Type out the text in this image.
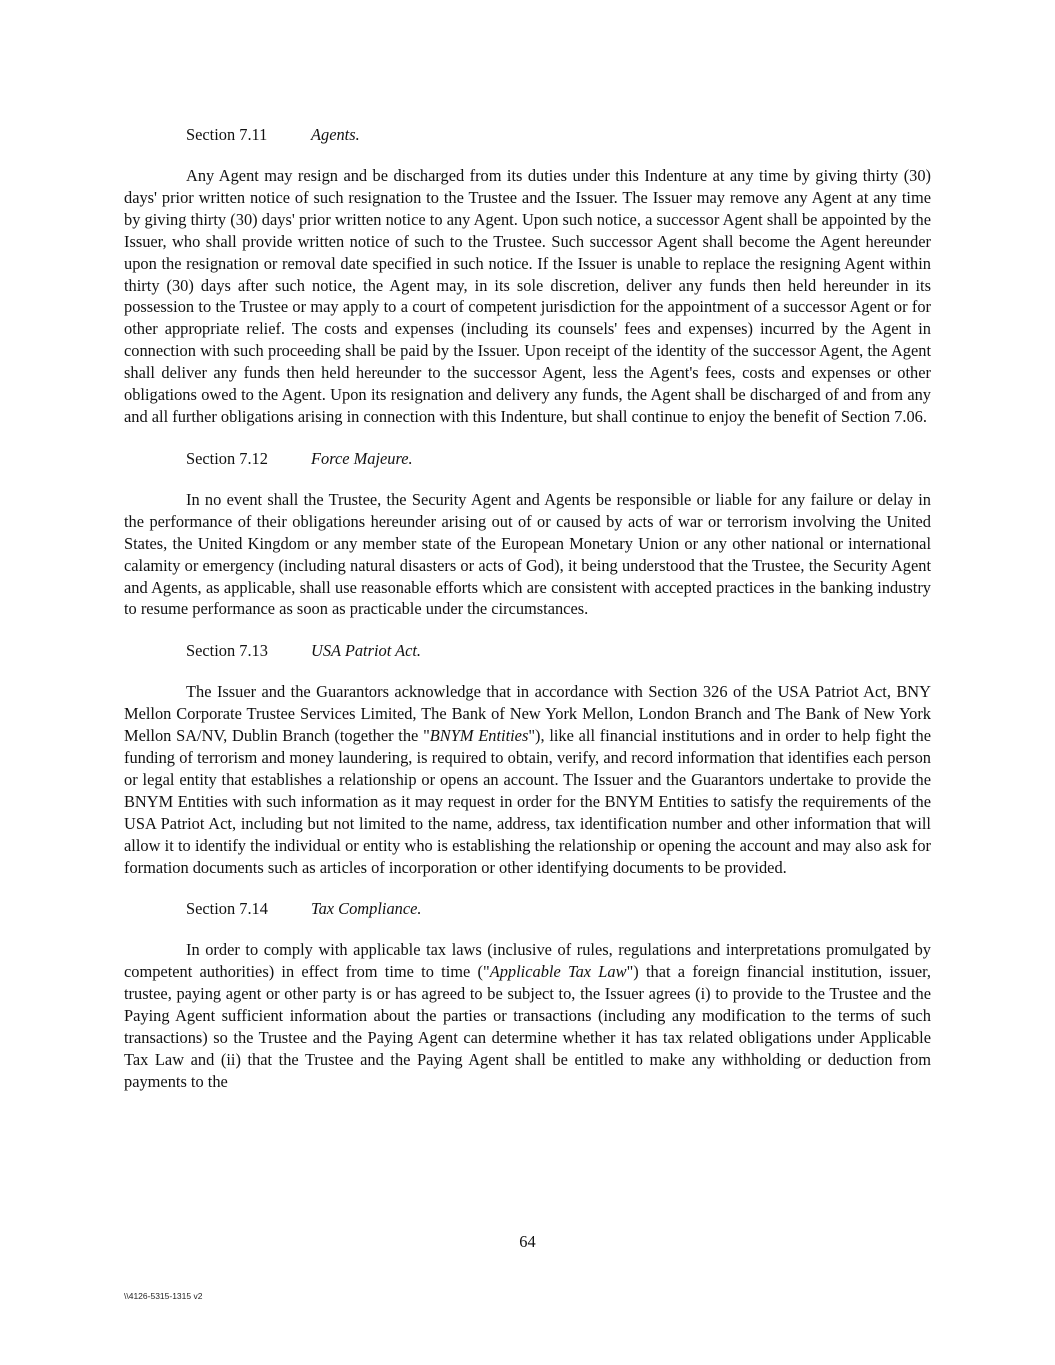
Section 7.11	Agents.

Any Agent may resign and be discharged from its duties under this Indenture at any time by giving thirty (30) days' prior written notice of such resignation to the Trustee and the Issuer. The Issuer may remove any Agent at any time by giving thirty (30) days' prior written notice to any Agent. Upon such notice, a successor Agent shall be appointed by the Issuer, who shall provide written notice of such to the Trustee. Such successor Agent shall become the Agent hereunder upon the resignation or removal date specified in such notice. If the Issuer is unable to replace the resigning Agent within thirty (30) days after such notice, the Agent may, in its sole discretion, deliver any funds then held hereunder in its possession to the Trustee or may apply to a court of competent jurisdiction for the appointment of a successor Agent or for other appropriate relief. The costs and expenses (including its counsels' fees and expenses) incurred by the Agent in connection with such proceeding shall be paid by the Issuer. Upon receipt of the identity of the successor Agent, the Agent shall deliver any funds then held hereunder to the successor Agent, less the Agent's fees, costs and expenses or other obligations owed to the Agent. Upon its resignation and delivery any funds, the Agent shall be discharged of and from any and all further obligations arising in connection with this Indenture, but shall continue to enjoy the benefit of Section 7.06.

Section 7.12	Force Majeure.

In no event shall the Trustee, the Security Agent and Agents be responsible or liable for any failure or delay in the performance of their obligations hereunder arising out of or caused by acts of war or terrorism involving the United States, the United Kingdom or any member state of the European Monetary Union or any other national or international calamity or emergency (including natural disasters or acts of God), it being understood that the Trustee, the Security Agent and Agents, as applicable, shall use reasonable efforts which are consistent with accepted practices in the banking industry to resume performance as soon as practicable under the circumstances.

Section 7.13	USA Patriot Act.

The Issuer and the Guarantors acknowledge that in accordance with Section 326 of the USA Patriot Act, BNY Mellon Corporate Trustee Services Limited, The Bank of New York Mellon, London Branch and The Bank of New York Mellon SA/NV, Dublin Branch (together the "BNYM Entities"), like all financial institutions and in order to help fight the funding of terrorism and money laundering, is required to obtain, verify, and record information that identifies each person or legal entity that establishes a relationship or opens an account. The Issuer and the Guarantors undertake to provide the BNYM Entities with such information as it may request in order for the BNYM Entities to satisfy the requirements of the USA Patriot Act, including but not limited to the name, address, tax identification number and other information that will allow it to identify the individual or entity who is establishing the relationship or opening the account and may also ask for formation documents such as articles of incorporation or other identifying documents to be provided.

Section 7.14	Tax Compliance.

In order to comply with applicable tax laws (inclusive of rules, regulations and interpretations promulgated by competent authorities) in effect from time to time ("Applicable Tax Law") that a foreign financial institution, issuer, trustee, paying agent or other party is or has agreed to be subject to, the Issuer agrees (i) to provide to the Trustee and the Paying Agent sufficient information about the parties or transactions (including any modification to the terms of such transactions) so the Trustee and the Paying Agent can determine whether it has tax related obligations under Applicable Tax Law and (ii) that the Trustee and the Paying Agent shall be entitled to make any withholding or deduction from payments to the

64
\\4126-5315-1315 v2
